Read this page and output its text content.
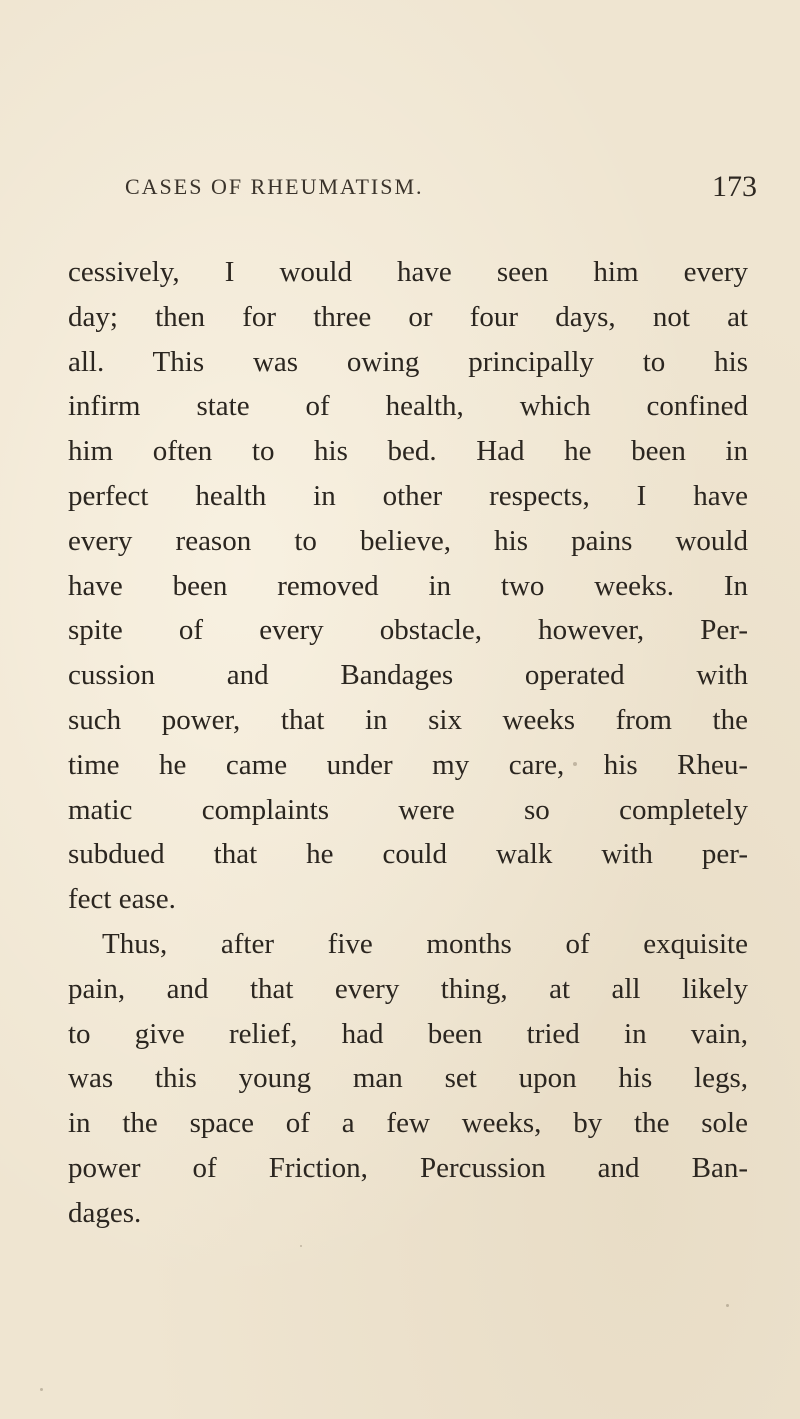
CASES OF RHEUMATISM.	173
cessively, I would have seen him every
day; then for three or four days, not at
all. This was owing principally to his
infirm state of health, which confined
him often to his bed. Had he been in
perfect health in other respects, I have
every reason to believe, his pains would
have been removed in two weeks. In
spite of every obstacle, however, Per-
cussion and Bandages operated with
such power, that in six weeks from the
time he came under my care, his Rheu-
matic complaints were so completely
subdued that he could walk with per-
fect ease.
Thus, after five months of exquisite
pain, and that every thing, at all likely
to give relief, had been tried in vain,
was this young man set upon his legs,
in the space of a few weeks, by the sole
power of Friction, Percussion and Ban-
dages.
